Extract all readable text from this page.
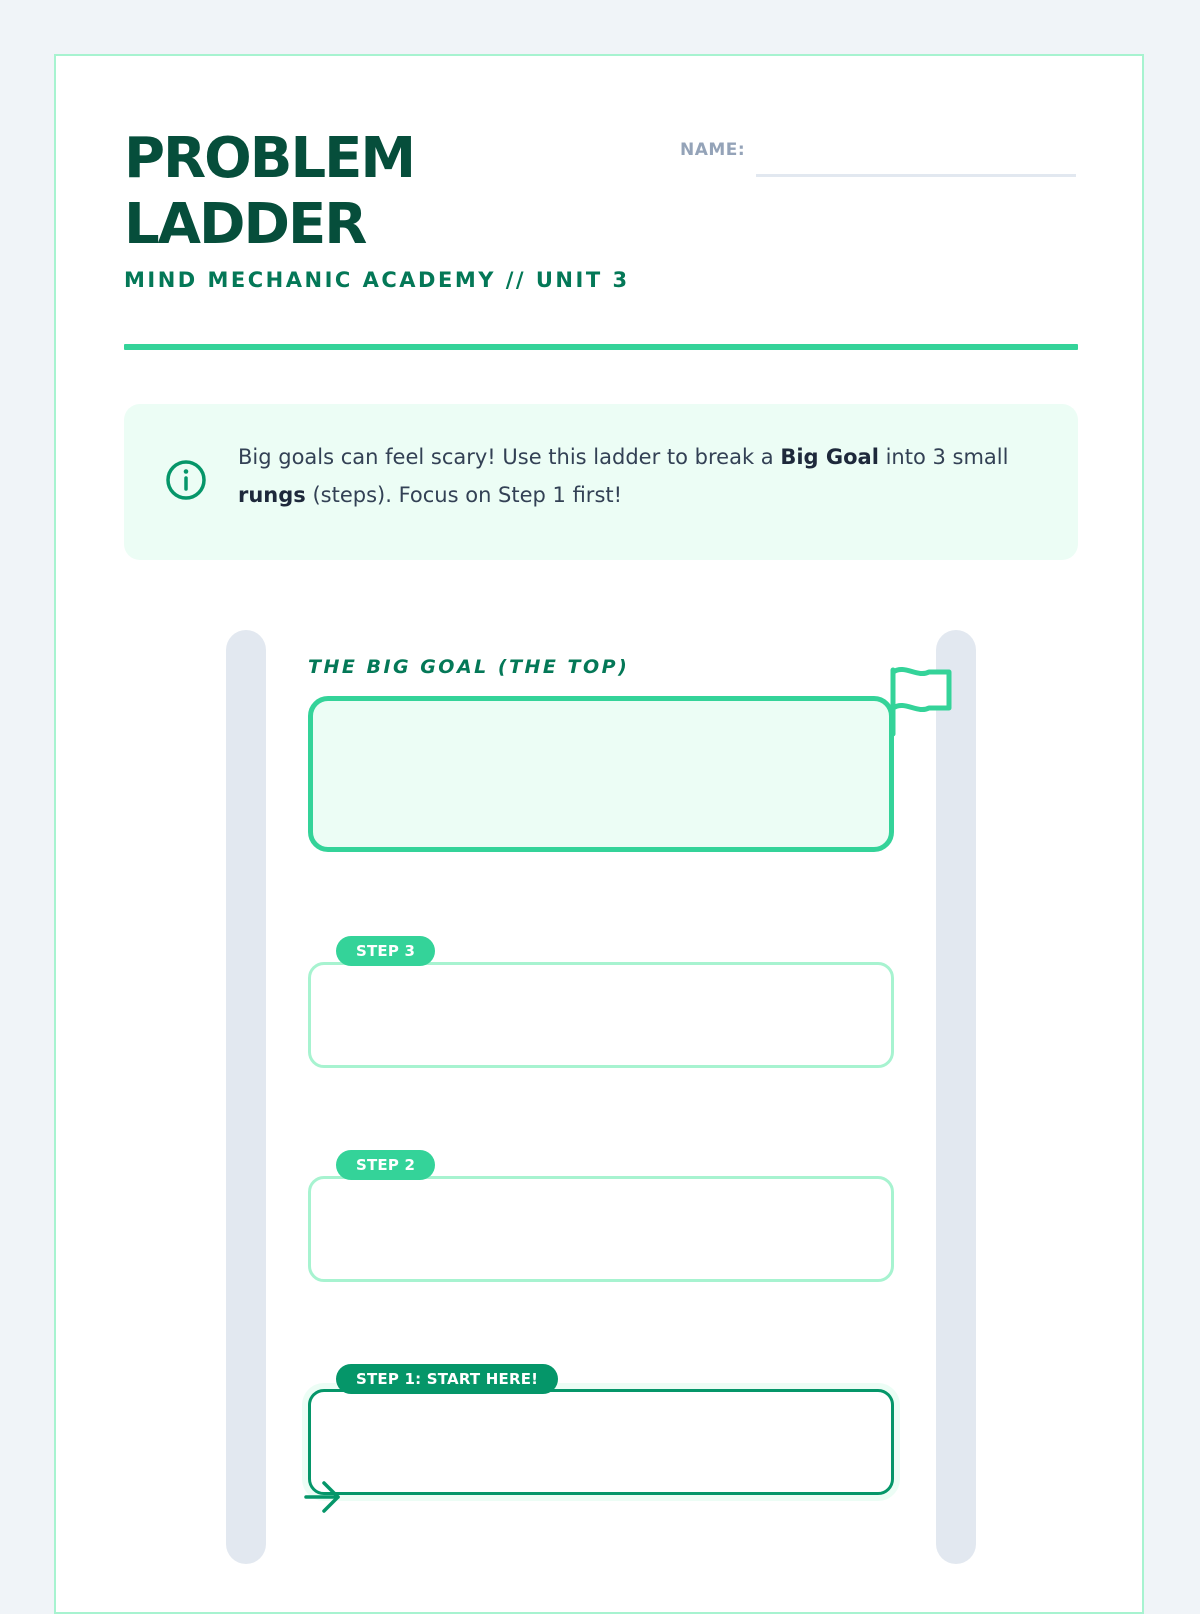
PROBLEM
LADDER
MIND MECHANIC ACADEMY // UNIT 3
NAME:
Big goals can feel scary! Use this ladder to break a Big Goal into 3 small rungs (steps). Focus on Step 1 first!
THE BIG GOAL (THE TOP)
STEP 3
STEP 2
STEP 1: START HERE!
